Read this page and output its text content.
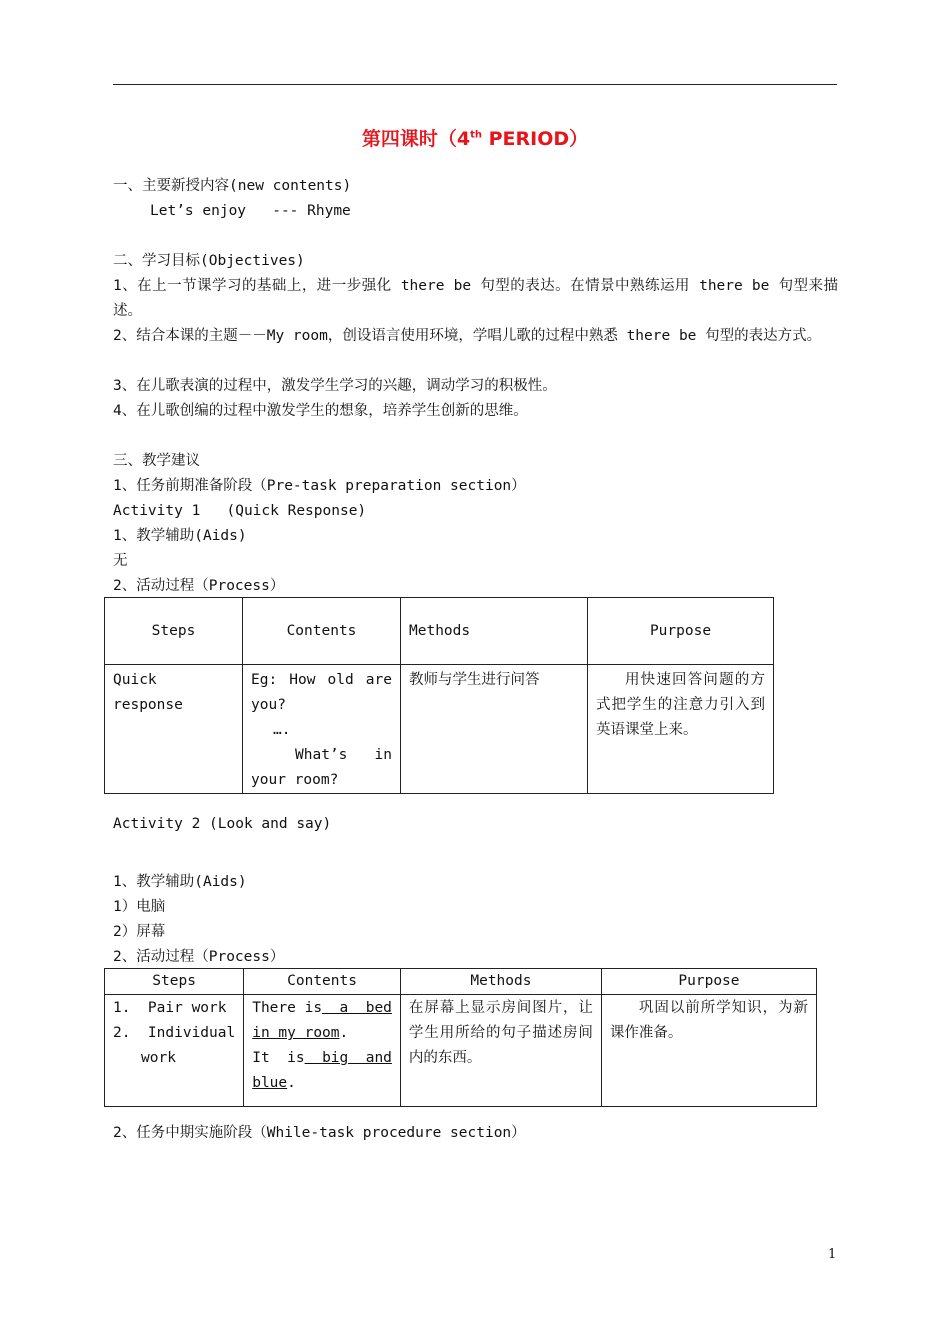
第四课时（4th PERIOD）
一、主要新授内容(new contents)
Let’s enjoy   --- Rhyme
二、学习目标(Objectives)
1、在上一节课学习的基础上，进一步强化 there be 句型的表达。在情景中熟练运用 there be 句型来描述。
2、结合本课的主题－－My room，创设语言使用环境，学唱儿歌的过程中熟悉 there be 句型的表达方式。
3、在儿歌表演的过程中，激发学生学习的兴趣，调动学习的积极性。
4、在儿歌创编的过程中激发学生的想象，培养学生创新的思维。
三、教学建议
1、任务前期准备阶段（Pre-task preparation section）
Activity 1   (Quick Response)
1、教学辅助(Aids)
无
2、活动过程（Process）
Steps	Contents	Methods	Purpose
Quick response	Eg: How old are
you?
….
What’s in
your room?	教师与学生进行问答	用快速回答问题的方式把学生的注意力引入到英语课堂上来。
Activity 2 (Look and say)
1、教学辅助(Aids)
1）电脑
2）屏幕
2、活动过程（Process）
Steps	Contents	Methods	Purpose

1.  Pair work
2.  Individual
work	There is  a  bed
in my room.
It  is  big  and
blue.	在屏幕上显示房间图片，让学生用所给的句子描述房间内的东西。	巩固以前所学知识，为新课作准备。
2、任务中期实施阶段（While-task procedure section）
1
